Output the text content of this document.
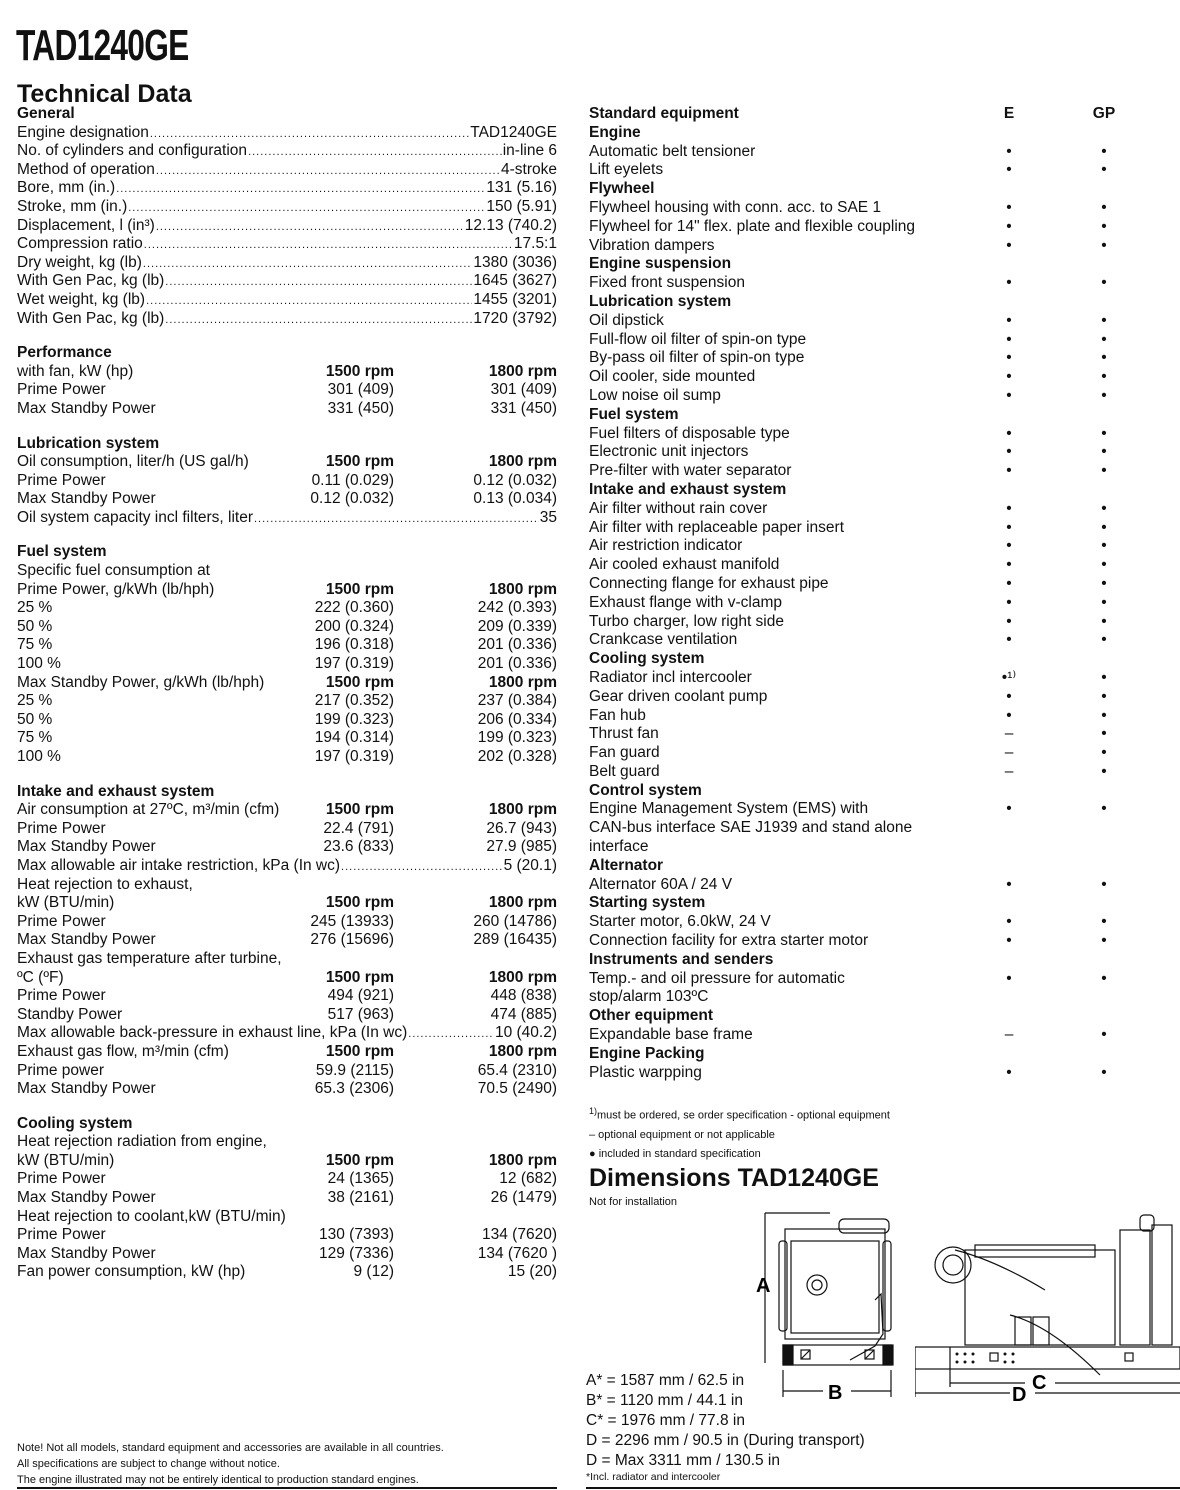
TAD1240GE
Technical Data
General
Engine designation .....	TAD1240GE
No. of cylinders and configuration .....	in-line 6
Method of operation .....	4-stroke
Bore, mm (in.) .....	131 (5.16)
Stroke, mm (in.) .....	150 (5.91)
Displacement, l (in³) .....	12.13 (740.2)
Compression ratio .....	17.5:1
Dry weight, kg (lb) .....	1380 (3036)
With Gen Pac, kg (lb) .....	1645 (3627)
Wet weight, kg (lb) .....	1455 (3201)
With Gen Pac, kg (lb) .....	1720 (3792)
Performance
with fan, kW (hp)	1500 rpm	1800 rpm
Prime Power	301 (409)	301 (409)
Max Standby Power	331 (450)	331 (450)
Lubrication system
Oil consumption, liter/h (US gal/h)	1500 rpm	1800 rpm
Prime Power	0.11 (0.029)	0.12 (0.032)
Max Standby Power	0.12 (0.032)	0.13 (0.034)
Oil system capacity incl filters, liter .....	35
Fuel system
Specific fuel consumption at
Prime Power, g/kWh (lb/hph)	1500 rpm	1800 rpm
25 %	222 (0.360)	242 (0.393)
50 %	200 (0.324)	209 (0.339)
75 %	196 (0.318)	201 (0.336)
100 %	197 (0.319)	201 (0.336)
Max Standby Power, g/kWh (lb/hph)	1500 rpm	1800 rpm
25 %	217 (0.352)	237 (0.384)
50 %	199 (0.323)	206 (0.334)
75 %	194 (0.314)	199 (0.323)
100 %	197 (0.319)	202 (0.328)
Intake and exhaust system
Air consumption at 27ºC, m³/min (cfm)	1500 rpm	1800 rpm
Prime Power	22.4 (791)	26.7 (943)
Max Standby Power	23.6 (833)	27.9 (985)
Max allowable air intake restriction, kPa (In wc) .....	5 (20.1)
Heat rejection to exhaust,
kW (BTU/min)	1500 rpm	1800 rpm
Prime Power	245 (13933)	260 (14786)
Max Standby Power	276 (15696)	289 (16435)
Exhaust gas temperature after turbine,
ºC (ºF)	1500 rpm	1800 rpm
Prime Power	494 (921)	448 (838)
Standby Power	517 (963)	474 (885)
Max allowable back-pressure in exhaust line, kPa (In wc) .....	10 (40.2)
Exhaust gas flow, m³/min (cfm)	1500 rpm	1800 rpm
Prime power	59.9 (2115)	65.4 (2310)
Max Standby Power	65.3 (2306)	70.5 (2490)
Cooling system
Heat rejection radiation from engine,
kW (BTU/min)	1500 rpm	1800 rpm
Prime Power	24 (1365)	12 (682)
Max Standby Power	38 (2161)	26 (1479)
Heat rejection to coolant,kW (BTU/min)
Prime Power	130 (7393)	134 (7620)
Max Standby Power	129 (7336)	134 (7620 )
Fan power consumption, kW (hp)	9 (12)	15 (20)
Note! Not all models, standard equipment and accessories are available in all countries.
All specifications are subject to change without notice.
The engine illustrated may not be entirely identical to production standard engines.
Standard equipment	E	GP
Engine
Automatic belt tensioner	•	•
Lift eyelets	•	•
Flywheel
Flywheel housing with conn. acc. to SAE 1	•	•
Flywheel for 14" flex. plate and flexible coupling	•	•
Vibration dampers	•	•
Engine suspension
Fixed front suspension	•	•
Lubrication system
Oil dipstick	•	•
Full-flow oil filter of spin-on type	•	•
By-pass oil filter of spin-on type	•	•
Oil cooler, side mounted	•	•
Low noise oil sump	•	•
Fuel system
Fuel filters of disposable type	•	•
Electronic unit injectors	•	•
Pre-filter with water separator	•	•
Intake and exhaust system
Air filter without rain cover	•	•
Air filter with replaceable paper insert	•	•
Air restriction indicator	•	•
Air cooled exhaust manifold	•	•
Connecting flange for exhaust pipe	•	•
Exhaust flange with v-clamp	•	•
Turbo charger, low right side	•	•
Crankcase ventilation	•	•
Cooling system
Radiator incl intercooler	•¹⁾	•
Gear driven coolant pump	•	•
Fan hub	•	•
Thrust fan	–	•
Fan guard	–	•
Belt guard	–	•
Control system
Engine Management System (EMS) with	•	•
CAN-bus interface SAE J1939 and stand alone
interface
Alternator
Alternator 60A / 24 V	•	•
Starting system
Starter motor, 6.0kW, 24 V	•	•
Connection facility for extra starter motor	•	•
Instruments and senders
Temp.- and oil pressure for automatic	•	•
stop/alarm 103ºC
Other equipment
Expandable base frame	–	•
Engine Packing
Plastic warpping	•	•
$^{1)}$must be ordered, se order specification - optional equipment
– optional equipment or not applicable
● included in standard specification
Dimensions TAD1240GE
Not for installation
A
B	C
D
A* = 1587 mm / 62.5 in
B* = 1120 mm / 44.1 in
C* = 1976 mm / 77.8 in
D = 2296 mm / 90.5 in (During transport)
D = Max 3311 mm / 130.5 in
*Incl. radiator and intercooler
